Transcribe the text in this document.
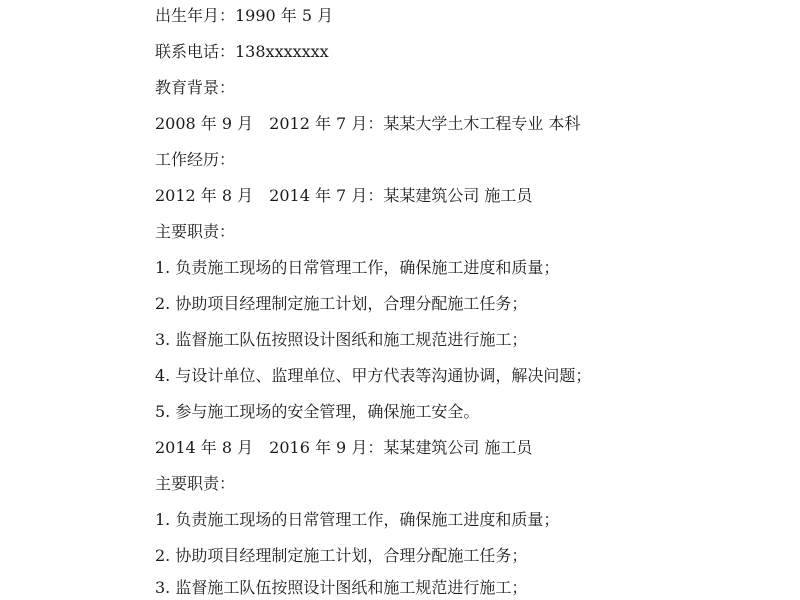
出生年月：1990 年 5 月
联系电话：138xxxxxxx
教育背景：
2008 年 9 月　2012 年 7 月：某某大学土木工程专业 本科
工作经历：
2012 年 8 月　2014 年 7 月：某某建筑公司 施工员
主要职责：
1. 负责施工现场的日常管理工作，确保施工进度和质量；
2. 协助项目经理制定施工计划，合理分配施工任务；
3. 监督施工队伍按照设计图纸和施工规范进行施工；
4. 与设计单位、监理单位、甲方代表等沟通协调，解决问题；
5. 参与施工现场的安全管理，确保施工安全。
2014 年 8 月　2016 年 9 月：某某建筑公司 施工员
主要职责：
1. 负责施工现场的日常管理工作，确保施工进度和质量；
2. 协助项目经理制定施工计划，合理分配施工任务；
3. 监督施工队伍按照设计图纸和施工规范进行施工；
